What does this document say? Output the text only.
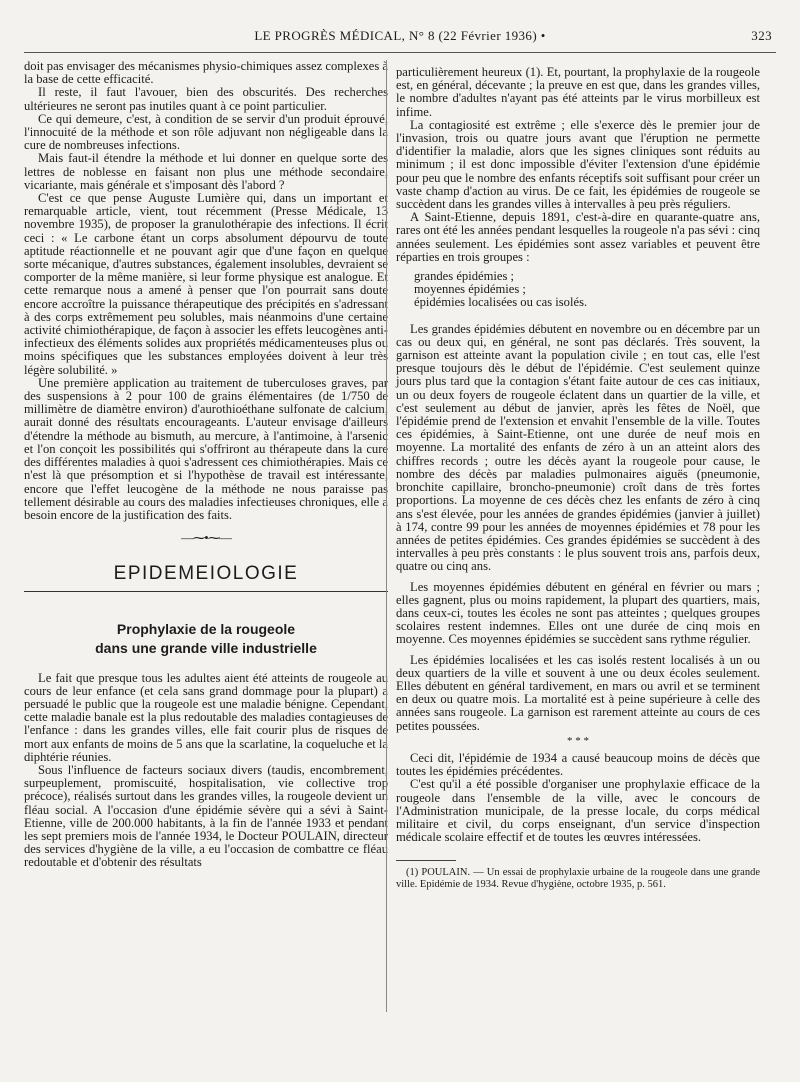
LE PROGRÈS MÉDICAL, N° 8 (22 Février 1936) •	323

doit pas envisager des mécanismes physio-chimiques assez complexes à la base de cette efficacité.

Il reste, il faut l'avouer, bien des obscurités. Des recherches ultérieures ne seront pas inutiles quant à ce point particulier.

Ce qui demeure, c'est, à condition de se servir d'un produit éprouvé, l'innocuité de la méthode et son rôle adjuvant non négligeable dans la cure de nombreuses infections.

Mais faut-il étendre la méthode et lui donner en quelque sorte des lettres de noblesse en faisant non plus une méthode secondaire, vicariante, mais générale et s'imposant dès l'abord ?

C'est ce que pense Auguste Lumière qui, dans un important et remarquable article, vient, tout récemment (Presse Médicale, 13 novembre 1935), de proposer la granulothérapie des infections. Il écrit ceci : « Le carbone étant un corps absolument dépourvu de toute aptitude réactionnelle et ne pouvant agir que d'une façon en quelque sorte mécanique, d'autres substances, également insolubles, devraient se comporter de la même manière, si leur forme physique est analogue. Et cette remarque nous a amené à penser que l'on pourrait sans doute encore accroître la puissance thérapeutique des précipités en s'adressant à des corps extrêmement peu solubles, mais néanmoins d'une certaine activité chimiothérapique, de façon à associer les effets leucogènes anti-infectieux des éléments solides aux propriétés médicamenteuses plus ou moins spécifiques que les substances employées doivent à leur très légère solubilité. »

Une première application au traitement de tuberculoses graves, par des suspensions à 2 pour 100 de grains élémentaires (de 1/750 de millimètre de diamètre environ) d'aurothioéthane sulfonate de calcium, aurait donné des résultats encourageants. L'auteur envisage d'ailleurs d'étendre la méthode au bismuth, au mercure, à l'antimoine, à l'arsenic et l'on conçoit les possibilités qui s'offriront au thérapeute dans la cure des différentes maladies à quoi s'adressent ces chimiothérapies. Mais ce n'est là que présomption et si l'hypothèse de travail est intéressante, encore que l'effet leucogène de la méthode ne nous paraisse pas tellement désirable au cours des maladies infectieuses chroniques, elle a besoin encore de la justification des faits.

—⁓•⁓—
EPIDEMEIOLOGIE
Prophylaxie de la rougeole
dans une grande ville industrielle

Le fait que presque tous les adultes aient été atteints de rougeole au cours de leur enfance (et cela sans grand dommage pour la plupart) a persuadé le public que la rougeole est une maladie bénigne. Cependant, cette maladie banale est la plus redoutable des maladies contagieuses de l'enfance : dans les grandes villes, elle fait courir plus de risques de mort aux enfants de moins de 5 ans que la scarlatine, la coqueluche et la diphtérie réunies.

Sous l'influence de facteurs sociaux divers (taudis, encombrement, surpeuplement, promiscuité, hospitalisation, vie collective trop précoce), réalisés surtout dans les grandes villes, la rougeole devient un fléau social. A l'occasion d'une épidémie sévère qui a sévi à Saint-Etienne, ville de 200.000 habitants, à la fin de l'année 1933 et pendant les sept premiers mois de l'année 1934, le Docteur POULAIN, directeur des services d'hygiène de la ville, a eu l'occasion de combattre ce fléau redoutable et d'obtenir des résultats

particulièrement heureux (1). Et, pourtant, la prophylaxie de la rougeole est, en général, décevante ; la preuve en est que, dans les grandes villes, le nombre d'adultes n'ayant pas été atteints par le virus morbilleux est infime.

La contagiosité est extrême ; elle s'exerce dès le premier jour de l'invasion, trois ou quatre jours avant que l'éruption ne permette d'identifier la maladie, alors que les signes cliniques sont réduits au minimum ; il est donc impossible d'éviter l'extension d'une épidémie pour peu que le nombre des enfants réceptifs soit suffisant pour créer un vaste champ d'action au virus. De ce fait, les épidémies de rougeole se succèdent dans les grandes villes à intervalles à peu près réguliers.

A Saint-Etienne, depuis 1891, c'est-à-dire en quarante-quatre ans, rares ont été les années pendant lesquelles la rougeole n'a pas sévi : cinq années seulement. Les épidémies sont assez variables et peuvent être réparties en trois groupes :

grandes épidémies ;
moyennes épidémies ;
épidémies localisées ou cas isolés.

Les grandes épidémies débutent en novembre ou en décembre par un cas ou deux qui, en général, ne sont pas déclarés. Très souvent, la garnison est atteinte avant la population civile ; en tout cas, elle l'est presque toujours dès le début de l'épidémie. C'est seulement quinze jours plus tard que la contagion s'étant faite autour de ces cas initiaux, un ou deux foyers de rougeole éclatent dans un quartier de la ville, et c'est seulement au début de janvier, après les fêtes de Noël, que l'épidémie prend de l'extension et envahit l'ensemble de la ville. Toutes ces épidémies, à Saint-Etienne, ont une durée de neuf mois en moyenne. La mortalité des enfants de zéro à un an atteint alors des chiffres records ; outre les décès ayant la rougeole pour cause, le nombre des décès par maladies pulmonaires aiguës (pneumonie, bronchite capillaire, broncho-pneumonie) croît dans de très fortes proportions. La moyenne de ces décès chez les enfants de zéro à cinq ans s'est élevée, pour les années de grandes épidémies (janvier à juillet) à 174, contre 99 pour les années de moyennes épidémies et 78 pour les années de petites épidémies. Ces grandes épidémies se succèdent à des intervalles à peu près constants : le plus souvent trois ans, parfois deux, quatre ou cinq ans.

Les moyennes épidémies débutent en général en février ou mars ; elles gagnent, plus ou moins rapidement, la plupart des quartiers, mais, dans ceux-ci, toutes les écoles ne sont pas atteintes ; quelques groupes scolaires restent indemnes. Elles ont une durée de cinq mois en moyenne. Ces moyennes épidémies se succèdent sans rythme régulier.

Les épidémies localisées et les cas isolés restent localisés à un ou deux quartiers de la ville et souvent à une ou deux écoles seulement. Elles débutent en général tardivement, en mars ou avril et se terminent en deux ou quatre mois. La mortalité est à peine supérieure à celle des années sans rougeole. La garnison est rarement atteinte au cours de ces petites poussées.

* * *

Ceci dit, l'épidémie de 1934 a causé beaucoup moins de décès que toutes les épidémies précédentes.

C'est qu'il a été possible d'organiser une prophylaxie efficace de la rougeole dans l'ensemble de la ville, avec le concours de l'Administration municipale, de la presse locale, du corps médical militaire et civil, du corps enseignant, d'un service d'inspection médicale scolaire effectif et de toutes les œuvres intéressées.

(1) POULAIN. — Un essai de prophylaxie urbaine de la rougeole dans une grande ville. Epidémie de 1934. Revue d'hygiène, octobre 1935, p. 561.
